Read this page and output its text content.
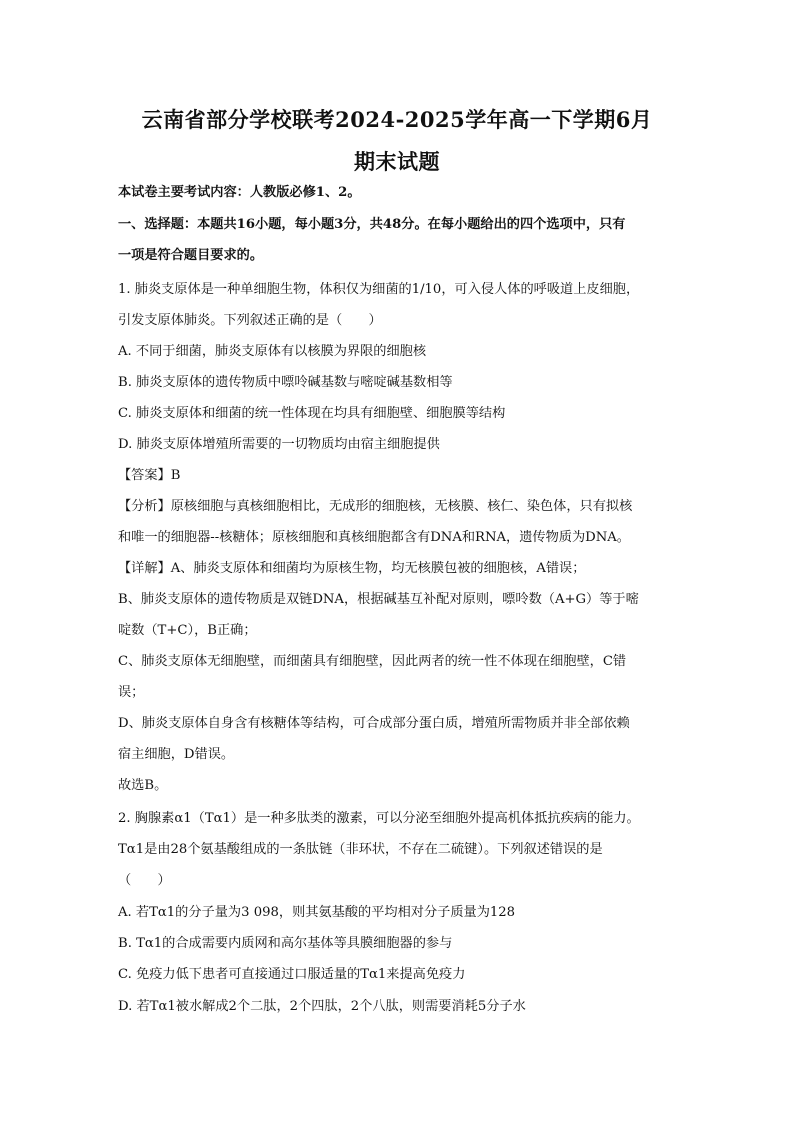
云南省部分学校联考2024-2025学年高一下学期6月
期末试题
本试卷主要考试内容：人教版必修1、2。
一、选择题：本题共16小题，每小题3分，共48分。在每小题给出的四个选项中，只有
一项是符合题目要求的。
1. 肺炎支原体是一种单细胞生物，体积仅为细菌的1/10，可入侵人体的呼吸道上皮细胞，
引发支原体肺炎。下列叙述正确的是（　　）
A. 不同于细菌，肺炎支原体有以核膜为界限的细胞核
B. 肺炎支原体的遗传物质中嘌呤碱基数与嘧啶碱基数相等
C. 肺炎支原体和细菌的统一性体现在均具有细胞壁、细胞膜等结构
D. 肺炎支原体增殖所需要的一切物质均由宿主细胞提供
【答案】B
【分析】原核细胞与真核细胞相比，无成形的细胞核，无核膜、核仁、染色体，只有拟核
和唯一的细胞器--核糖体；原核细胞和真核细胞都含有DNA和RNA，遗传物质为DNA。
【详解】A、肺炎支原体和细菌均为原核生物，均无核膜包被的细胞核，A错误；
B、肺炎支原体的遗传物质是双链DNA，根据碱基互补配对原则，嘌呤数（A+G）等于嘧
啶数（T+C），B正确；
C、肺炎支原体无细胞壁，而细菌具有细胞壁，因此两者的统一性不体现在细胞壁，C错
误；
D、肺炎支原体自身含有核糖体等结构，可合成部分蛋白质，增殖所需物质并非全部依赖
宿主细胞，D错误。
故选B。
2. 胸腺素α1（Tα1）是一种多肽类的激素，可以分泌至细胞外提高机体抵抗疾病的能力。
Tα1是由28个氨基酸组成的一条肽链（非环状，不存在二硫键）。下列叙述错误的是
（　　）
A. 若Tα1的分子量为3 098，则其氨基酸的平均相对分子质量为128
B. Tα1的合成需要内质网和高尔基体等具膜细胞器的参与
C. 免疫力低下患者可直接通过口服适量的Tα1来提高免疫力
D. 若Tα1被水解成2个二肽，2个四肽，2个八肽，则需要消耗5分子水
